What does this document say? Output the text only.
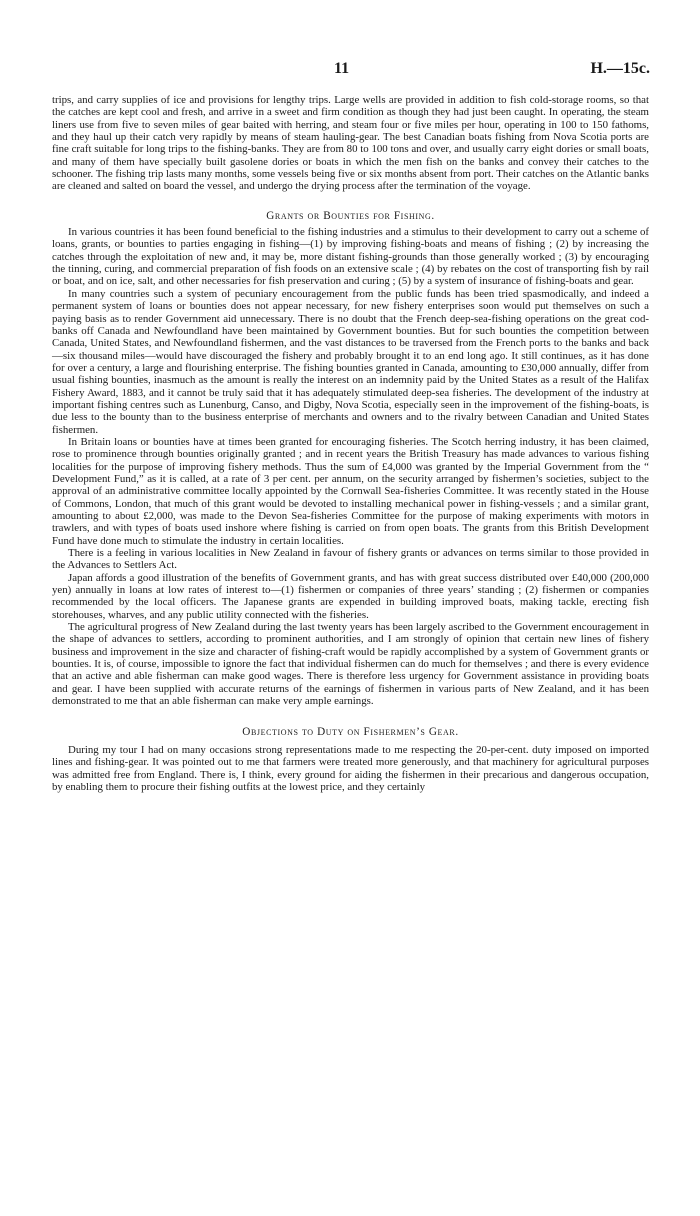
11	H.—15c.

trips, and carry supplies of ice and provisions for lengthy trips. Large wells are provided in addition to fish cold-storage rooms, so that the catches are kept cool and fresh, and arrive in a sweet and firm condition as though they had just been caught. In operating, the steam liners use from five to seven miles of gear baited with herring, and steam four or five miles per hour, operating in 100 to 150 fathoms, and they haul up their catch very rapidly by means of steam hauling-gear. The best Canadian boats fishing from Nova Scotia ports are fine craft suitable for long trips to the fishing-banks. They are from 80 to 100 tons and over, and usually carry eight dories or small boats, and many of them have specially built gasolene dories or boats in which the men fish on the banks and convey their catches to the schooner. The fishing trip lasts many months, some vessels being five or six months absent from port. Their catches on the Atlantic banks are cleaned and salted on board the vessel, and undergo the drying process after the termination of the voyage.

Grants or Bounties for Fishing.

In various countries it has been found beneficial to the fishing industries and a stimulus to their development to carry out a scheme of loans, grants, or bounties to parties engaging in fishing—(1) by improving fishing-boats and means of fishing ; (2) by increasing the catches through the exploitation of new and, it may be, more distant fishing-grounds than those generally worked ; (3) by encouraging the tinning, curing, and commercial preparation of fish foods on an extensive scale ; (4) by rebates on the cost of transporting fish by rail or boat, and on ice, salt, and other necessaries for fish preservation and curing ; (5) by a system of insurance of fishing-boats and gear.

In many countries such a system of pecuniary encouragement from the public funds has been tried spasmodically, and indeed a permanent system of loans or bounties does not appear necessary, for new fishery enterprises soon would put themselves on such a paying basis as to render Government aid unnecessary. There is no doubt that the French deep-sea-fishing operations on the great cod-banks off Canada and Newfoundland have been maintained by Government bounties. But for such bounties the competition between Canada, United States, and Newfoundland fishermen, and the vast distances to be traversed from the French ports to the banks and back—six thousand miles—would have discouraged the fishery and probably brought it to an end long ago. It still continues, as it has done for over a century, a large and flourishing enterprise. The fishing bounties granted in Canada, amounting to £30,000 annually, differ from usual fishing bounties, inasmuch as the amount is really the interest on an indemnity paid by the United States as a result of the Halifax Fishery Award, 1883, and it cannot be truly said that it has adequately stimulated deep-sea fisheries. The development of the industry at important fishing centres such as Lunenburg, Canso, and Digby, Nova Scotia, especially seen in the improvement of the fishing-boats, is due less to the bounty than to the business enterprise of merchants and owners and to the rivalry between Canadian and United States fishermen.

In Britain loans or bounties have at times been granted for encouraging fisheries. The Scotch herring industry, it has been claimed, rose to prominence through bounties originally granted ; and in recent years the British Treasury has made advances to various fishing localities for the purpose of improving fishery methods. Thus the sum of £4,000 was granted by the Imperial Government from the “ Development Fund,” as it is called, at a rate of 3 per cent. per annum, on the security arranged by fishermen’s societies, subject to the approval of an administrative committee locally appointed by the Cornwall Sea-fisheries Committee. It was recently stated in the House of Commons, London, that much of this grant would be devoted to installing mechanical power in fishing-vessels ; and a similar grant, amounting to about £2,000, was made to the Devon Sea-fisheries Committee for the purpose of making experiments with motors in trawlers, and with types of boats used inshore where fishing is carried on from open boats. The grants from this British Development Fund have done much to stimulate the industry in certain localities.

There is a feeling in various localities in New Zealand in favour of fishery grants or advances on terms similar to those provided in the Advances to Settlers Act.

Japan affords a good illustration of the benefits of Government grants, and has with great success distributed over £40,000 (200,000 yen) annually in loans at low rates of interest to—(1) fishermen or companies of three years’ standing ; (2) fishermen or companies recommended by the local officers. The Japanese grants are expended in building improved boats, making tackle, erecting fish storehouses, wharves, and any public utility connected with the fisheries.

The agricultural progress of New Zealand during the last twenty years has been largely ascribed to the Government encouragement in the shape of advances to settlers, according to prominent authorities, and I am strongly of opinion that certain new lines of fishery business and improvement in the size and character of fishing-craft would be rapidly accomplished by a system of Government grants or bounties. It is, of course, impossible to ignore the fact that individual fishermen can do much for themselves ; and there is every evidence that an active and able fisherman can make good wages. There is therefore less urgency for Government assistance in providing boats and gear. I have been supplied with accurate returns of the earnings of fishermen in various parts of New Zealand, and it has been demonstrated to me that an able fisherman can make very ample earnings.

Objections to Duty on Fishermen’s Gear.

During my tour I had on many occasions strong representations made to me respecting the 20-per-cent. duty imposed on imported lines and fishing-gear. It was pointed out to me that farmers were treated more generously, and that machinery for agricultural purposes was admitted free from England. There is, I think, every ground for aiding the fishermen in their precarious and dangerous occupation, by enabling them to procure their fishing outfits at the lowest price, and they certainly
